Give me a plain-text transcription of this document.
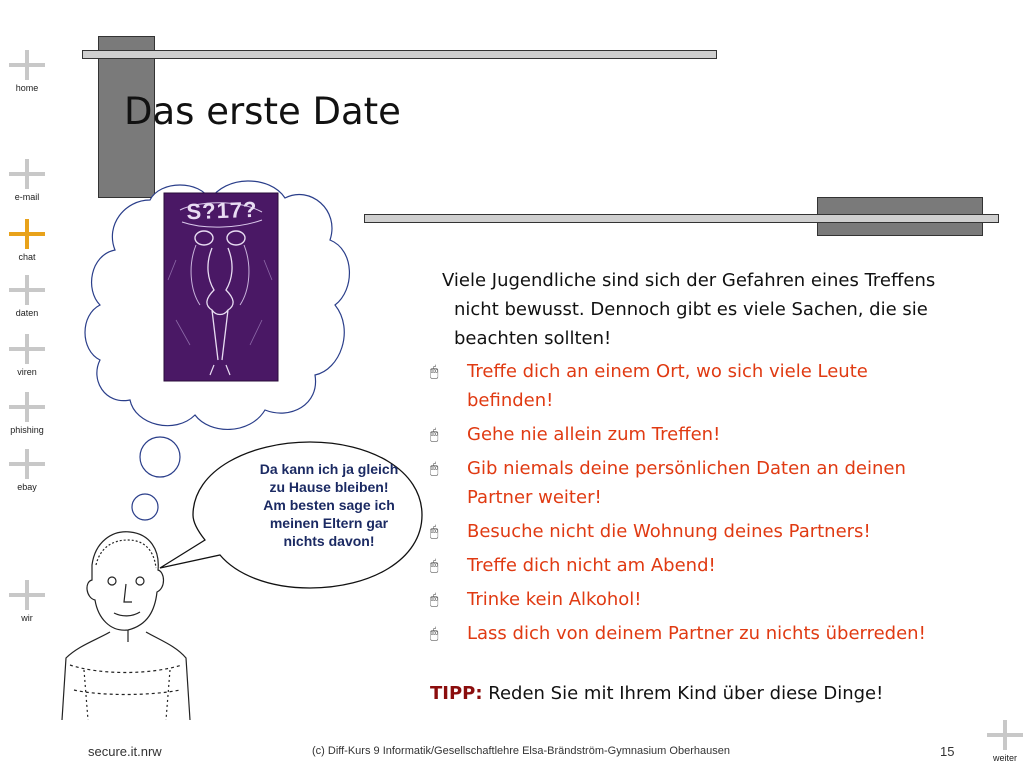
home
e-mail
chat
daten
viren
phishing
ebay
wir
weiter
Das erste Date
Da kann ich ja gleich
zu Hause bleiben!
Am besten sage ich
meinen Eltern gar
nichts davon!
S?17?
Viele Jugendliche sind sich der Gefahren eines Treffens
nicht bewusst. Dennoch gibt es viele Sachen, die sie
beachten sollten!
🖱 Treffe dich an einem Ort, wo sich viele Leute
befinden!
🖱 Gehe nie allein zum Treffen!
🖱 Gib niemals deine persönlichen Daten an deinen
Partner weiter!
🖱 Besuche nicht die Wohnung deines Partners!
🖱 Treffe dich nicht am Abend!
🖱 Trinke kein Alkohol!
🖱 Lass dich von deinem Partner zu nichts überreden!
TIPP: Reden Sie mit Ihrem Kind über diese Dinge!
secure.it.nrw	(c) Diff-Kurs 9 Informatik/Gesellschaftlehre Elsa-Brändström-Gymnasium Oberhausen	15
